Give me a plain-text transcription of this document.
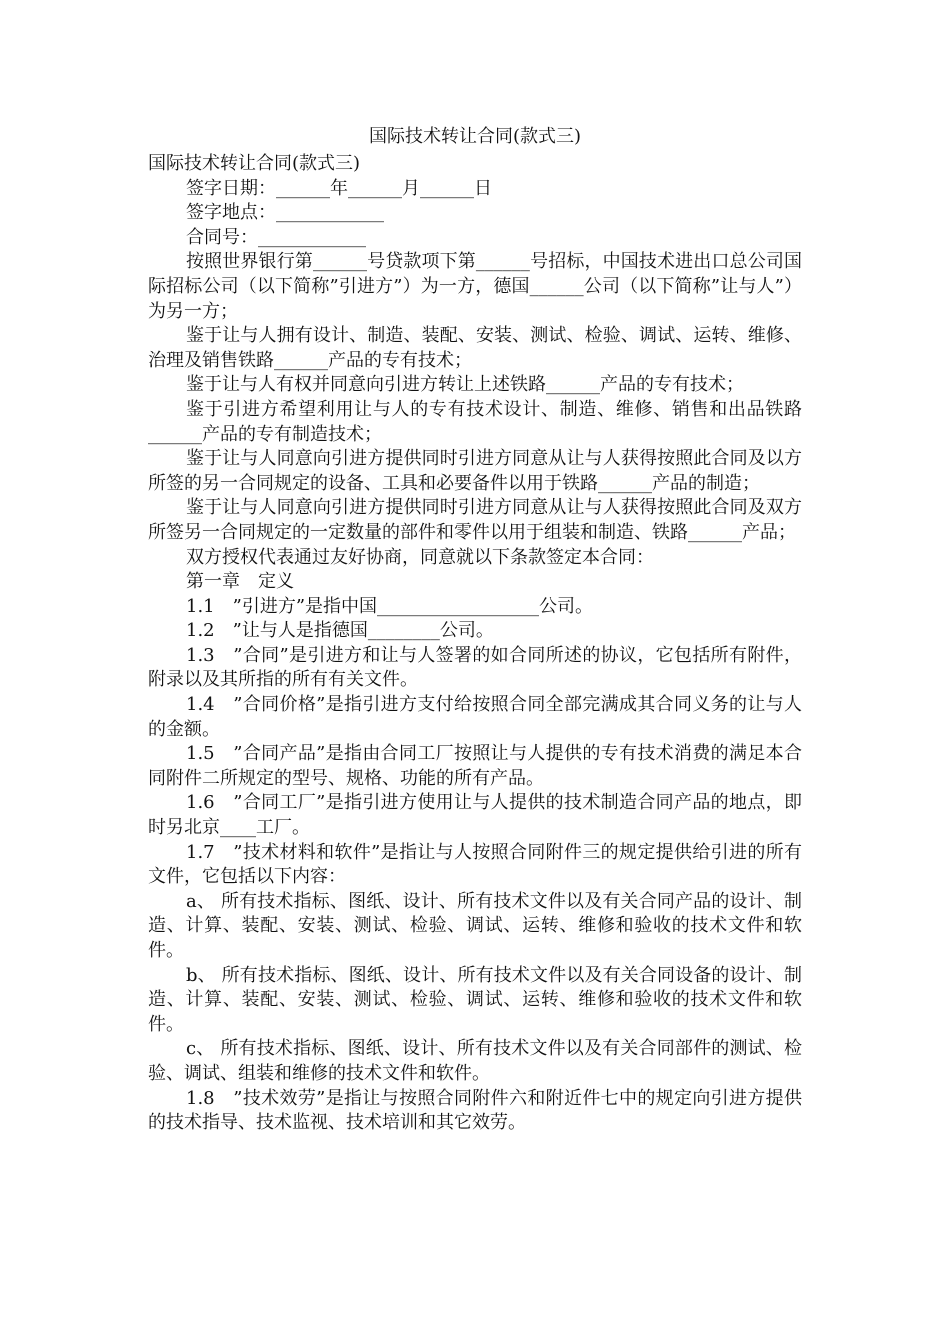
国际技术转让合同(款式三)

国际技术转让合同(款式三)

签字日期：______年______月______日

签字地点：____________

合同号：____________

按照世界银行第______号贷款项下第______号招标，中国技术进出口总公司国际招标公司（以下简称”引进方”）为一方，德国______公司（以下简称”让与人”）为另一方；

鉴于让与人拥有设计、制造、装配、安装、测试、检验、调试、运转、维修、治理及销售铁路______产品的专有技术；

鉴于让与人有权并同意向引进方转让上述铁路______产品的专有技术；

鉴于引进方希望利用让与人的专有技术设计、制造、维修、销售和出品铁路______产品的专有制造技术；

鉴于让与人同意向引进方提供同时引进方同意从让与人获得按照此合同及以方所签的另一合同规定的设备、工具和必要备件以用于铁路______产品的制造；

鉴于让与人同意向引进方提供同时引进方同意从让与人获得按照此合同及双方所签另一合同规定的一定数量的部件和零件以用于组装和制造、铁路______产品；

双方授权代表通过友好协商，同意就以下条款签定本合同：

第一章　定义

1.1　”引进方”是指中国__________________公司。

1.2　”让与人是指德国________公司。

1.3　”合同”是引进方和让与人签署的如合同所述的协议，它包括所有附件，附录以及其所指的所有有关文件。

1.4　”合同价格”是指引进方支付给按照合同全部完满成其合同义务的让与人的金额。

1.5　”合同产品”是指由合同工厂按照让与人提供的专有技术消费的满足本合同附件二所规定的型号、规格、功能的所有产品。

1.6　”合同工厂”是指引进方使用让与人提供的技术制造合同产品的地点，即时另北京____工厂。

1.7　”技术材料和软件”是指让与人按照合同附件三的规定提供给引进的所有文件，它包括以下内容：

a、 所有技术指标、图纸、设计、所有技术文件以及有关合同产品的设计、制造、计算、装配、安装、测试、检验、调试、运转、维修和验收的技术文件和软件。

b、 所有技术指标、图纸、设计、所有技术文件以及有关合同设备的设计、制造、计算、装配、安装、测试、检验、调试、运转、维修和验收的技术文件和软件。

c、 所有技术指标、图纸、设计、所有技术文件以及有关合同部件的测试、检验、调试、组装和维修的技术文件和软件。

1.8　”技术效劳”是指让与按照合同附件六和附近件七中的规定向引进方提供的技术指导、技术监视、技术培训和其它效劳。
